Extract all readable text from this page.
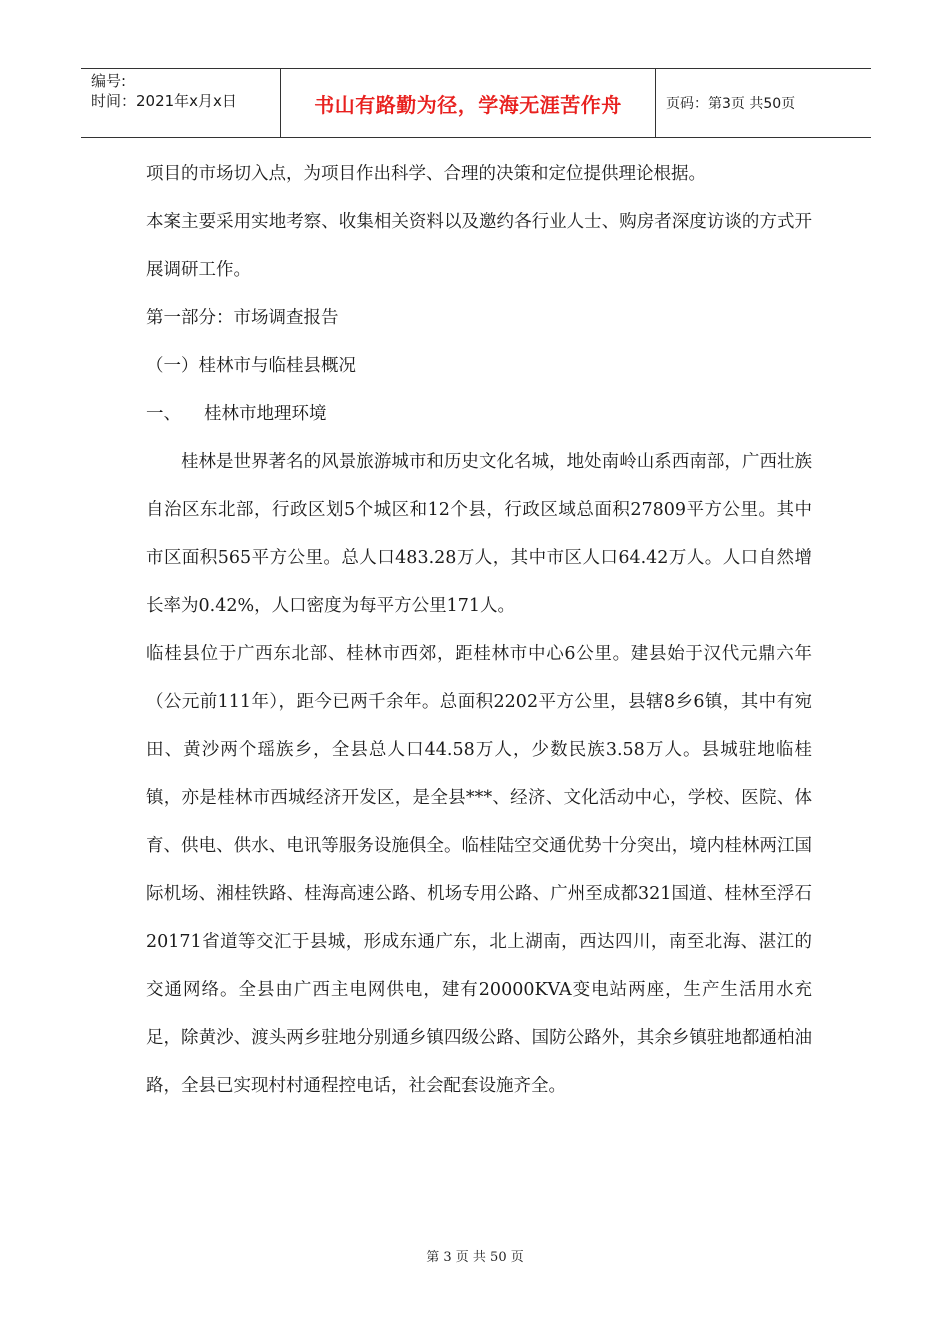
编号:
时间：2021年x月x日	书山有路勤为径，学海无涯苦作舟	页码：第3页 共50页

项目的市场切入点，为项目作出科学、合理的决策和定位提供理论根据。

本案主要采用实地考察、收集相关资料以及邀约各行业人士、购房者深度访谈的方式开展调研工作。

第一部分：市场调查报告

（一）桂林市与临桂县概况

一、 桂林市地理环境

桂林是世界著名的风景旅游城市和历史文化名城，地处南岭山系西南部，广西壮族自治区东北部，行政区划5个城区和12个县，行政区域总面积27809平方公里。其中市区面积565平方公里。总人口483.28万人，其中市区人口64.42万人。人口自然增长率为0.42%，人口密度为每平方公里171人。

临桂县位于广西东北部、桂林市西郊，距桂林市中心6公里。建县始于汉代元鼎六年（公元前111年），距今已两千余年。总面积2202平方公里，县辖8乡6镇，其中有宛田、黄沙两个瑶族乡，全县总人口44.58万人，少数民族3.58万人。县城驻地临桂镇，亦是桂林市西城经济开发区，是全县***、经济、文化活动中心，学校、医院、体育、供电、供水、电讯等服务设施俱全。临桂陆空交通优势十分突出，境内桂林两江国际机场、湘桂铁路、桂海高速公路、机场专用公路、广州至成都321国道、桂林至浮石20171省道等交汇于县城，形成东通广东，北上湖南，西达四川，南至北海、湛江的交通网络。全县由广西主电网供电，建有20000KVA变电站两座，生产生活用水充足，除黄沙、渡头两乡驻地分别通乡镇四级公路、国防公路外，其余乡镇驻地都通柏油路，全县已实现村村通程控电话，社会配套设施齐全。

第 3 页 共 50 页
